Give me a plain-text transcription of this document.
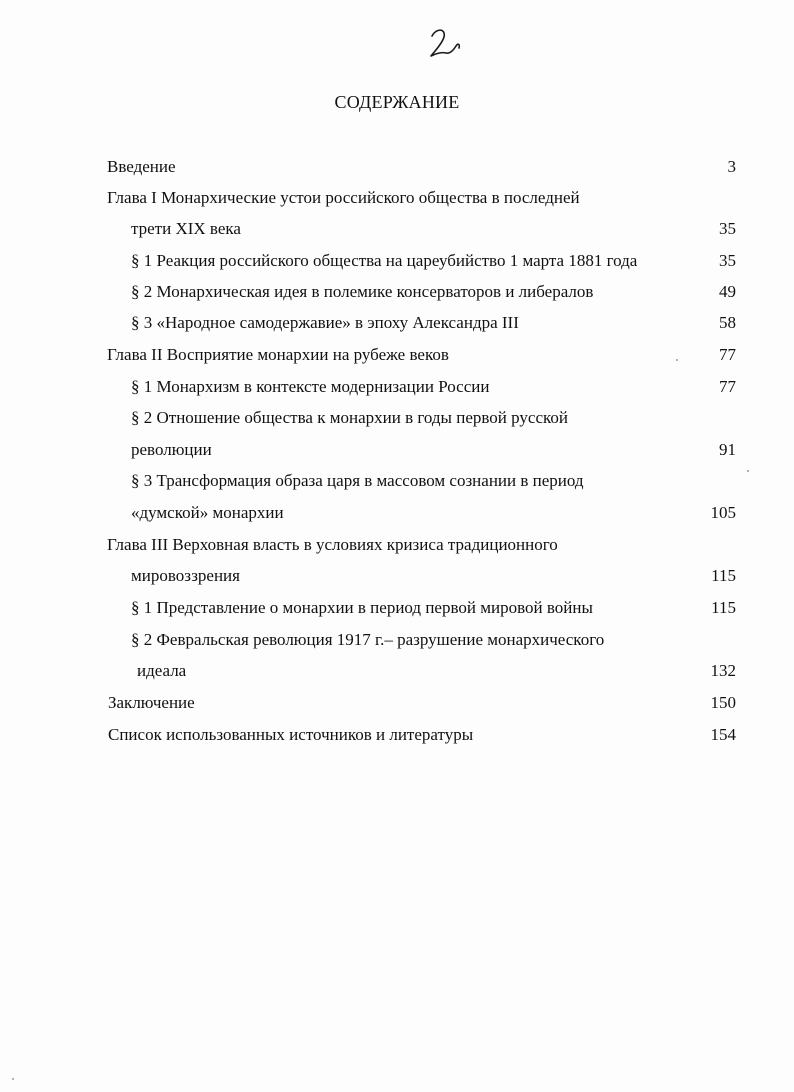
СОДЕРЖАНИЕ
Введение	3
Глава I Монархические устои российского общества в последней
трети XIX века	35
§ 1 Реакция российского общества на цареубийство 1 марта 1881 года	35
§ 2 Монархическая идея в полемике консерваторов и либералов	49
§ 3 «Народное самодержавие» в эпоху Александра III	58
Глава II Восприятие монархии на рубеже веков	77
§ 1 Монархизм в контексте модернизации России	77
§ 2 Отношение общества к монархии в годы первой русской
революции	91
§ 3 Трансформация образа царя в массовом сознании в период
«думской» монархии	105
Глава III Верховная власть в условиях кризиса традиционного
мировоззрения	115
§ 1 Представление о монархии в период первой мировой войны	115
§ 2 Февральская революция 1917 г.– разрушение монархического
идеала	132
Заключение	150
Список использованных источников и литературы	154
